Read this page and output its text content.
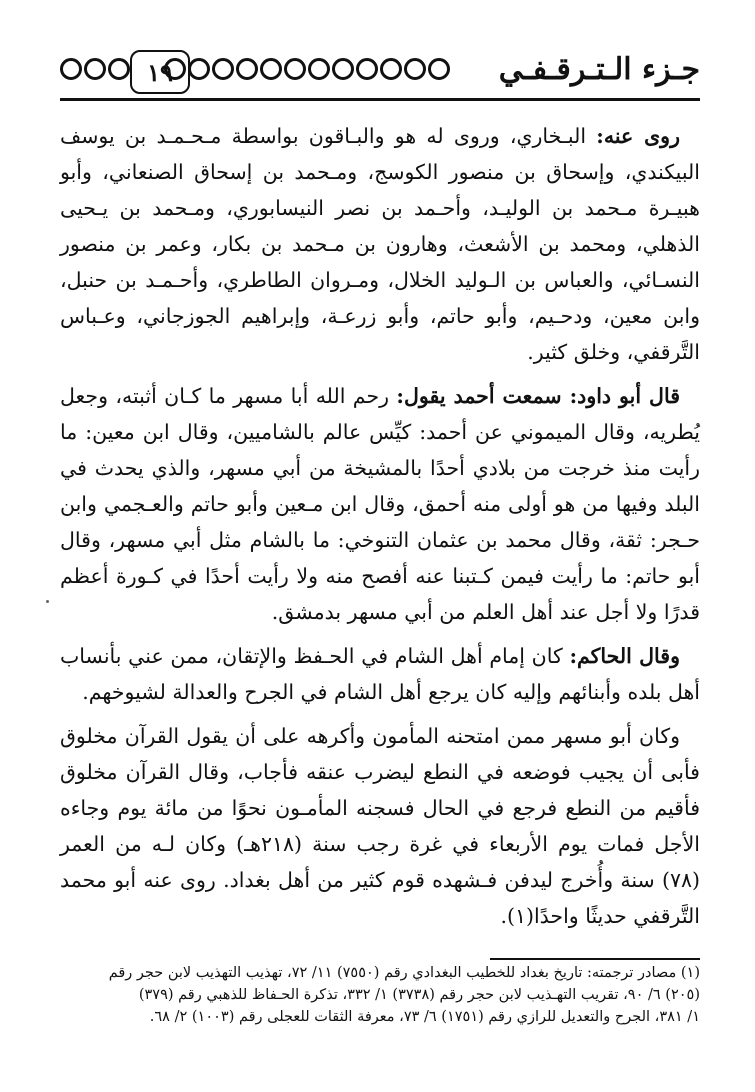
جـزء الـتـرقـفـي
١٩

روى عنه: البـخاري، وروى له هو والبـاقون بواسطة مـحـمـد بن يوسف البيكندي، وإسحاق بن منصور الكوسج، ومـحمد بن إسحاق الصنعاني، وأبو هبيـرة مـحمد بن الوليـد، وأحـمد بن نصر النيسابوري، ومـحمد بن يـحيى الذهلي، ومحمد بن الأشعث، وهارون بن مـحمد بن بكار، وعمر بن منصور النسـائي، والعباس بن الـوليد الخلال، ومـروان الطاطري، وأحـمـد بن حنبل، وابن معين، ودحـيم، وأبو حاتم، وأبو زرعـة، وإبراهيم الجوزجاني، وعـباس التَّرقفي، وخلق كثير.

قال أبو داود: سمعت أحمد يقول: رحم الله أبا مسهر ما كـان أثبته، وجعل يُطريه، وقال الميموني عن أحمد: كيِّس عالم بالشاميين، وقال ابن معين: ما رأيت منذ خرجت من بلادي أحدًا بالمشيخة من أبي مسهر، والذي يحدث في البلد وفيها من هو أولى منه أحمق، وقال ابن مـعين وأبو حاتم والعـجمي وابن حـجر: ثقة، وقال محمد بن عثمان التنوخي: ما بالشام مثل أبي مسهر، وقال أبو حاتم: ما رأيت فيمن كـتبنا عنه أفصح منه ولا رأيت أحدًا في كـورة أعظم قدرًا ولا أجل عند أهل العلم من أبي مسهر بدمشق.

وقال الحاكم: كان إمام أهل الشام في الحـفظ والإتقان، ممن عني بأنساب أهل بلده وأبنائهم وإليه كان يرجع أهل الشام في الجرح والعدالة لشيوخهم.

وكان أبو مسهر ممن امتحنه المأمون وأكرهه على أن يقول القرآن مخلوق فأبى أن يجيب فوضعه في النطع ليضرب عنقه فأجاب، وقال القرآن مخلوق فأقيم من النطع فرجع في الحال فسجنه المأمـون نحوًا من مائة يوم وجاءه الأجل فمات يوم الأربعاء في غرة رجب سنة (٢١٨هـ) وكان لـه من العمر (٧٨) سنة وأُخرج ليدفن فـشهده قوم كثير من أهل بغداد. روى عنه أبو محمد التَّرقفي حديثًا واحدًا(١).

(١) مصادر ترجمته: تاريخ بغداد للخطيب البغدادي رقم (٧٥٥٠) ١١/ ٧٢، تهذيب التهذيب لابن حجر رقم
(٢٠٥) ٦/ ٩٠، تقريب التهـذيب لابن حجر رقم (٣٧٣٨) ١/ ٣٣٢، تذكرة الحـفاظ للذهبي رقم (٣٧٩)
١/ ٣٨١، الجرح والتعديل للرازي رقم (١٧٥١) ٦/ ٧٣، معرفة الثقات للعجلى رقم (١٠٠٣) ٢/ ٦٨.
